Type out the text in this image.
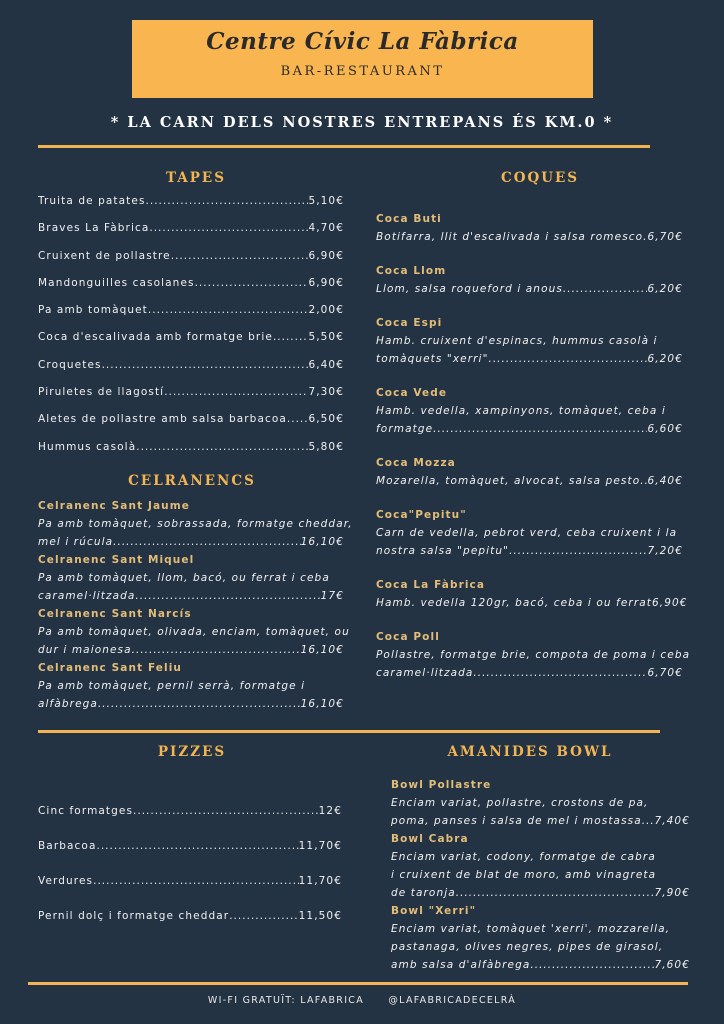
Centre Cívic La Fàbrica
BAR-RESTAURANT
* LA CARN DELS NOSTRES ENTREPANS ÉS KM.0 *
TAPES
Truita de patates .....	5,10€
Braves La Fàbrica .....	4,70€
Cruixent de pollastre .....	6,90€
Mandonguilles casolanes .....	6,90€
Pa amb tomàquet .....	2,00€
Coca d'escalivada amb formatge brie .....	5,50€
Croquetes .....	6,40€
Piruletes de llagostí .....	7,30€
Aletes de pollastre amb salsa barbacoa ..... 6,50€
Hummus casolà .....	5,80€
CELRANENCS
Celranenc Sant Jaume
Pa amb tomàquet, sobrassada, formatge cheddar,
mel i rúcula .....	16,10€
Celranenc Sant Miquel
Pa amb tomàquet, llom, bacó, ou ferrat i ceba
caramel·litzada .....	17€
Celranenc Sant Narcís
Pa amb tomàquet, olivada, enciam, tomàquet, ou
dur i maionesa .....	16,10€
Celranenc Sant Feliu
Pa amb tomàquet, pernil serrà, formatge i
alfàbrega .....	16,10€
COQUES
Coca Buti
Botifarra, llit d'escalivada i salsa romesco ..... 6,70€
Coca Llom
Llom, salsa roqueford i anous .....	6,20€
Coca Espi
Hamb. cruixent d'espinacs, hummus casolà i
tomàquets "xerri" .....	6,20€
Coca Vede
Hamb. vedella, xampinyons, tomàquet, ceba i
formatge .....	6,60€
Coca Mozza
Mozarella, tomàquet, alvocat, salsa pesto ..... 6,40€
Coca"Pepitu"
Carn de vedella, pebrot verd, ceba cruixent i la
nostra salsa "pepitu" .....	7,20€
Coca La Fàbrica
Hamb. vedella 120gr, bacó, ceba i ou ferrat 6,90€
Coca Poll
Pollastre, formatge brie, compota de poma i ceba
caramel·litzada .....	6,70€
PIZZES
Cinc formatges .....	12€
Barbacoa .....	11,70€
Verdures .....	11,70€
Pernil dolç i formatge cheddar .....	11,50€
AMANIDES BOWL
Bowl Pollastre
Enciam variat, pollastre, crostons de pa,
poma, panses i salsa de mel i mostassa ..... 7,40€
Bowl Cabra
Enciam variat, codony, formatge de cabra
i cruixent de blat de moro, amb vinagreta
de taronja .....	7,90€
Bowl "Xerri"
Enciam variat, tomàquet 'xerri', mozzarella,
pastanaga, olives negres, pipes de girasol,
amb salsa d'alfàbrega .....	7,60€
WI-FI GRATUÏT: LAFABRICA	@LAFABRICADECELRÀ
